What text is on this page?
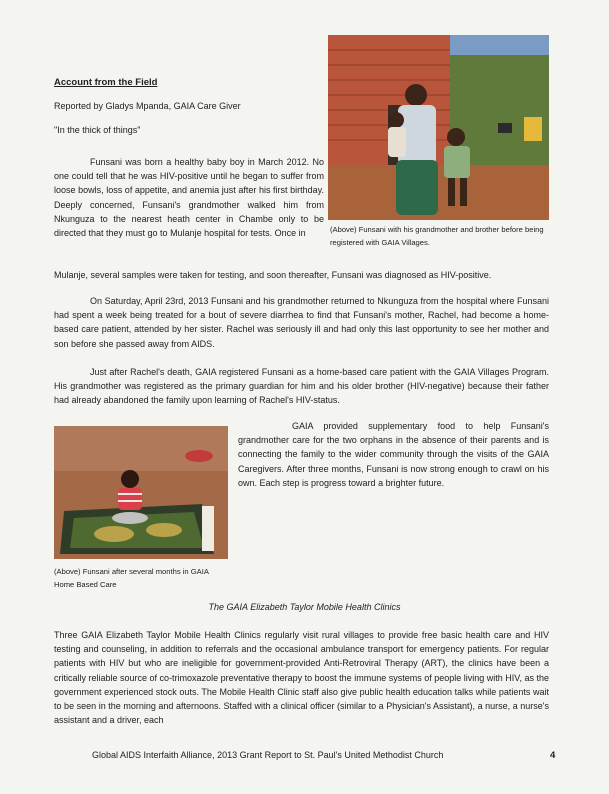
Account from the Field
Reported by Gladys Mpanda, GAIA Care Giver
"In the thick of things"
Funsani was born a healthy baby boy in March 2012. No one could tell that he was HIV-positive until he began to suffer from loose bowls, loss of appetite, and anemia just after his first birthday. Deeply concerned, Funsani's grandmother walked him from Nkunguza to the nearest heath center in Chambe only to be directed that they must go to Mulanje hospital for tests. Once in
Mulanje, several samples were taken for testing, and soon thereafter, Funsani was diagnosed as HIV-positive.
(Above) Funsani with his grandmother and brother before being registered with GAIA Villages.
On Saturday, April 23rd, 2013 Funsani and his grandmother returned to Nkunguza from the hospital where Funsani had spent a week being treated for a bout of severe diarrhea to find that Funsani's mother, Rachel, had become a home-based care patient, attended by her sister. Rachel was seriously ill and had only this last opportunity to see her mother and son before she passed away from AIDS.
Just after Rachel's death, GAIA registered Funsani as a home-based care patient with the GAIA Villages Program. His grandmother was registered as the primary guardian for him and his older brother (HIV-negative) because their father had already abandoned the family upon learning of Rachel's HIV-status.
(Above) Funsani after several months in GAIA Home Based Care
GAIA provided supplementary food to help Funsani's grandmother care for the two orphans in the absence of their parents and is connecting the family to the wider community through the visits of the GAIA Caregivers. After three months, Funsani is now strong enough to crawl on his own. Each step is progress toward a brighter future.
The GAIA Elizabeth Taylor Mobile Health Clinics
Three GAIA Elizabeth Taylor Mobile Health Clinics regularly visit rural villages to provide free basic health care and HIV testing and counseling, in addition to referrals and the occasional ambulance transport for emergency patients. For regular patients with HIV but who are ineligible for government-provided Anti-Retroviral Therapy (ART), the clinics have been a critically reliable source of co-trimoxazole preventative therapy to boost the immune systems of people living with HIV, as the government experienced stock outs. The Mobile Health Clinic staff also give public health education talks while patients wait to be seen in the morning and afternoons. Staffed with a clinical officer (similar to a Physician's Assistant), a nurse, a nurse's assistant and a driver, each
Global AIDS Interfaith Alliance, 2013 Grant Report to St. Paul's United Methodist Church	4
